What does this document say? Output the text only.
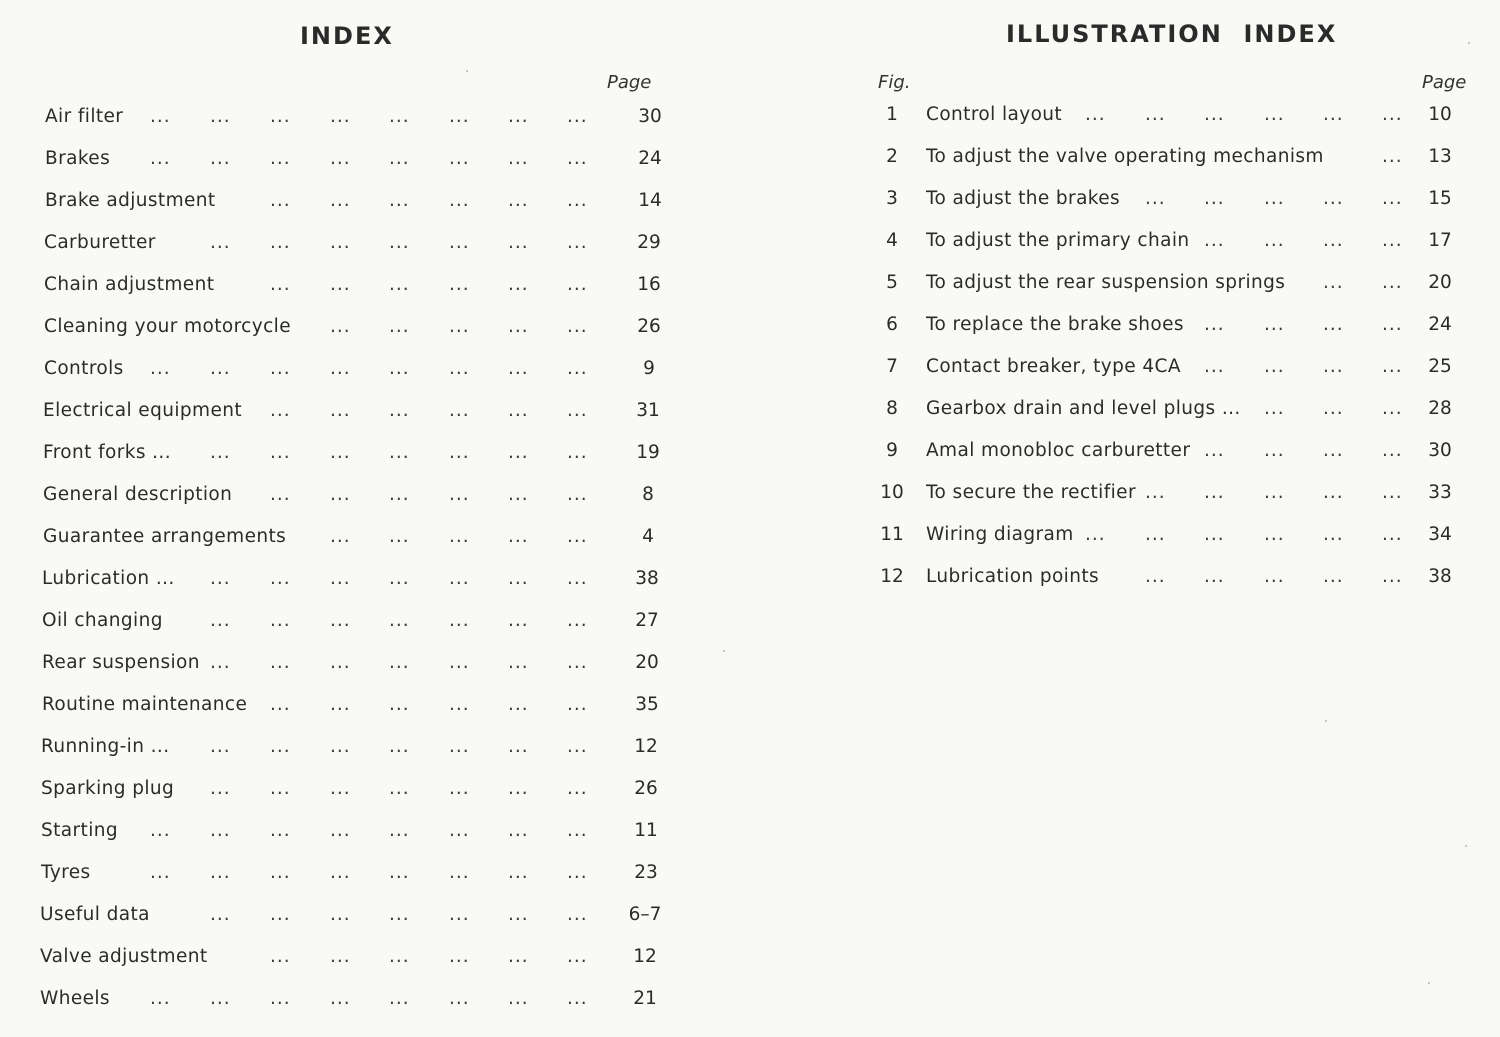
INDEX
Page
Air filter ... ... ... ... ... ... ... ...	30
Brakes ... ... ... ... ... ... ... ...	24
Brake adjustment	... ... ... ... ... ...	14
Carburetter	... ... ... ... ... ... ...	29
Chain adjustment	... ... ... ... ... ...	16
Cleaning your motorcycle ... ... ... ... ...	26
Controls ... ... ... ... ... ... ... ...	9
Electrical equipment ... ... ... ... ... ...	31
Front forks ... ... ... ... ... ... ... ...	19
General description ... ... ... ... ... ...	8
Guarantee arrangements ... ... ... ... ...	4
Lubrication ... ... ... ... ... ... ... ...	38
Oil changing	... ... ... ... ... ... ...	27
Rear suspension ... ... ... ... ... ... ...	20
Routine maintenance ... ... ... ... ... ...	35
Running-in ... ... ... ... ... ... ... ...	12
Sparking plug ... ... ... ... ... ... ...	26
Starting ... ... ... ... ... ... ... ...	11
Tyres	... ... ... ... ... ... ... ...	23
Useful data	... ... ... ... ... ... ...	6–7
Valve adjustment	... ... ... ... ... ...	12
Wheels ... ... ... ... ... ... ... ...	21
ILLUSTRATION  INDEX
Fig.	Page
1	Control layout ... ... ... ... ... ...	10
2	To adjust the valve operating mechanism	...	13
3	To adjust the brakes ... ... ... ... ...	15
4	To adjust the primary chain ... ... ... ...	17
5	To adjust the rear suspension springs ... ...	20
6	To replace the brake shoes ... ... ... ...	24
7	Contact breaker, type 4CA ... ... ... ...	25
8	Gearbox drain and level plugs ... ... ... ...	28
9	Amal monobloc carburetter ... ... ... ...	30
10	To secure the rectifier ... ... ... ... ...	33
11	Wiring diagram ... ... ... ... ... ...	34
12	Lubrication points ... ... ... ... ...	38
